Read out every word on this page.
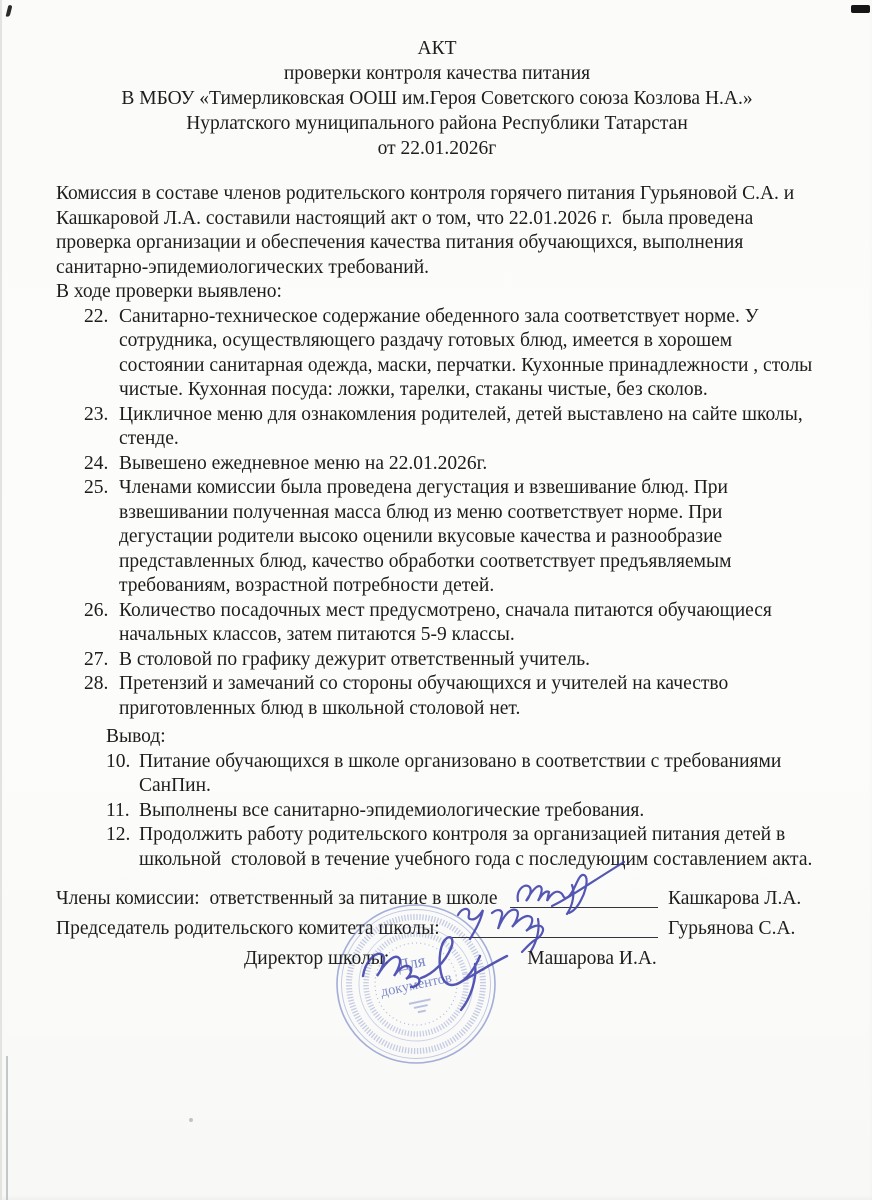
АКТ
проверки контроля качества питания
В МБОУ «Тимерликовская ООШ им.Героя Советского союза Козлова Н.А.»
Нурлатского муниципального района Республики Татарстан
от 22.01.2026г
Комиссия в составе членов родительского контроля горячего питания Гурьяновой С.А. и Кашкаровой Л.А. составили настоящий акт о том, что 22.01.2026 г.  была проведена проверка организации и обеспечения качества питания обучающихся, выполнения санитарно-эпидемиологических требований.
В ходе проверки выявлено:
22. Санитарно-техническое содержание обеденного зала соответствует норме. У сотрудника, осуществляющего раздачу готовых блюд, имеется в хорошем состоянии санитарная одежда, маски, перчатки. Кухонные принадлежности , столы чистые. Кухонная посуда: ложки, тарелки, стаканы чистые, без сколов.
23. Цикличное меню для ознакомления родителей, детей выставлено на сайте школы, стенде.
24. Вывешено ежедневное меню на 22.01.2026г.
25. Членами комиссии была проведена дегустация и взвешивание блюд. При взвешивании полученная масса блюд из меню соответствует норме. При дегустации родители высоко оценили вкусовые качества и разнообразие представленных блюд, качество обработки соответствует предъявляемым требованиям, возрастной потребности детей.
26. Количество посадочных мест предусмотрено, сначала питаются обучающиеся начальных классов, затем питаются 5-9 классы.
27. В столовой по графику дежурит ответственный учитель.
28. Претензий и замечаний со стороны обучающихся и учителей на качество приготовленных блюд в школьной столовой нет.
Вывод:
10. Питание обучающихся в школе организовано в соответствии с требованиями СанПин.
11. Выполнены все санитарно-эпидемиологические требования.
12. Продолжить работу родительского контроля за организацией питания детей в школьной  столовой в течение учебного года с последующим составлением акта.
Для
документов
Члены комиссии:  ответственный за питание в школе	Кашкарова Л.А.
Председатель родительского комитета школы:	Гурьянова С.А.
Директор школы:	Машарова И.А.
